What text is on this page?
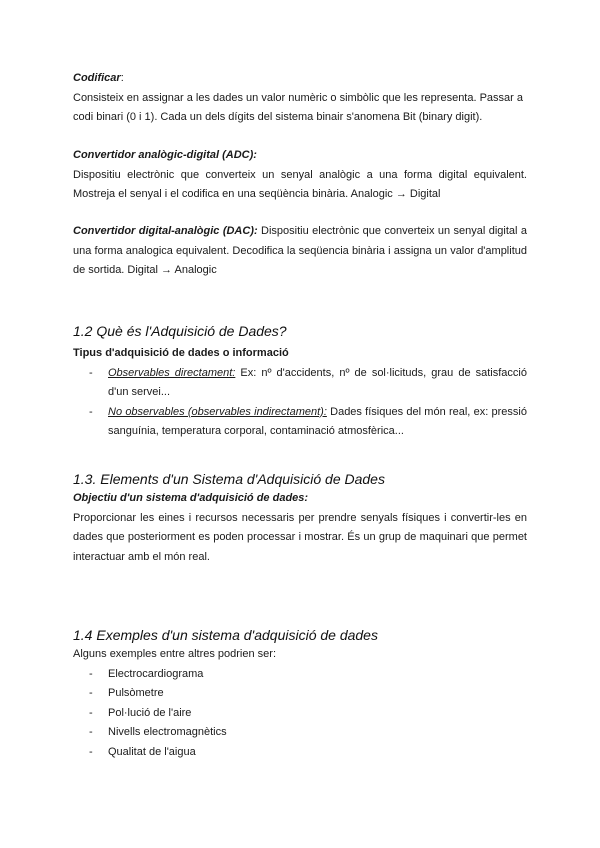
Codificar:

Consisteix en assignar a les dades un valor numèric o simbòlic que les representa. Passar a codi binari (0 i 1). Cada un dels dígits del sistema binair s'anomena Bit (binary digit).

Convertidor analògic-digital (ADC):

Dispositiu electrònic que converteix un senyal analògic a una forma digital equivalent. Mostreja el senyal i el codifica en una seqüència binària. Analogic → Digital

Convertidor digital-analògic (DAC): Dispositiu electrònic que converteix un senyal digital a una forma analogica equivalent. Decodifica la seqüencia binària i assigna un valor d'amplitud de sortida. Digital → Analogic

1.2 Què és l'Adquisició de Dades?

Tipus d'adquisició de dades o informació

- Observables directament: Ex: nº d'accidents, nº de sol·licituds, grau de satisfacció d'un servei...
- No observables (observables indirectament): Dades físiques del món real, ex: pressió sanguínia, temperatura corporal, contaminació atmosfèrica...
1.3. Elements d'un Sistema d'Adquisició de Dades

Objectiu d'un sistema d'adquisició de dades:

Proporcionar les eines i recursos necessaris per prendre senyals físiques i convertir-les en dades que posteriorment es poden processar i mostrar. És un grup de maquinari que permet interactuar amb el món real.

1.4 Exemples d'un sistema d'adquisició de dades

Alguns exemples entre altres podrien ser:

- Electrocardiograma
- Pulsòmetre
- Pol·lució de l'aire
- Nivells electromagnètics
- Qualitat de l'aigua
